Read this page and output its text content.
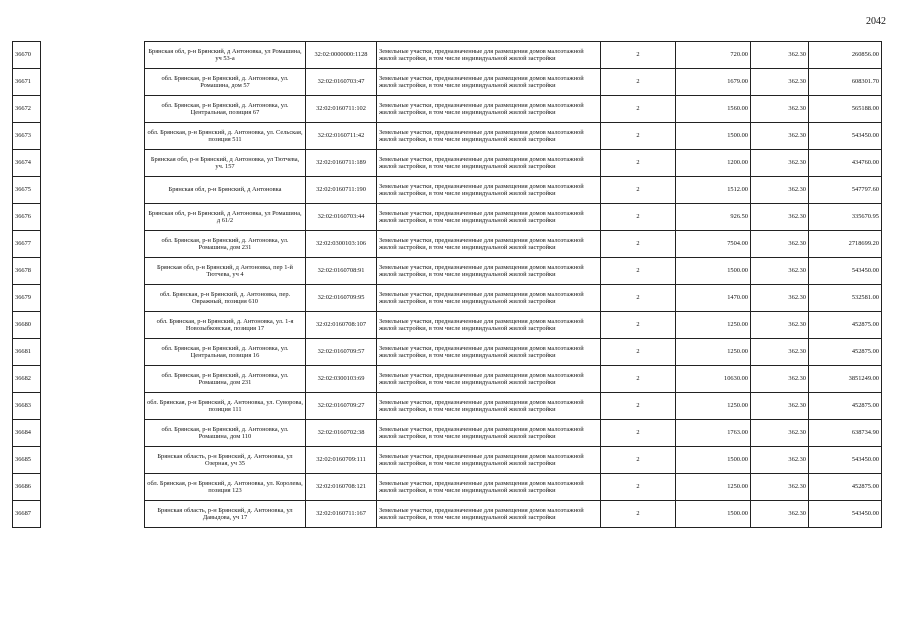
2042
36670		Брянская обл, р-н Брянский, д Антоновка, ул Ромашина, уч 53-а	32:02:0000000:1128	Земельные участки, предназначенные для размещения домов малоэтажной жилой застройки, в том числе индивидуальной жилой застройки	2	720.00	362.30	260856.00
36671		обл. Брянская, р-н Брянский, д. Антоновка, ул. Ромашина, дом 57	32:02:0160703:47	Земельные участки, предназначенные для размещения домов малоэтажной жилой застройки, в том числе индивидуальной жилой застройки	2	1679.00	362.30	608301.70
36672		обл. Брянская, р-н Брянский, д. Антоновка, ул. Центральная, позиция 67	32:02:0160711:102	Земельные участки, предназначенные для размещения домов малоэтажной жилой застройки, в том числе индивидуальной жилой застройки	2	1560.00	362.30	565188.00
36673		обл. Брянская, р-н Брянский, д. Антоновка, ул. Сельская, позиция 511	32:02:0160711:42	Земельные участки, предназначенные для размещения домов малоэтажной жилой застройки, в том числе индивидуальной жилой застройки	2	1500.00	362.30	543450.00
36674		Брянская обл, р-н Брянский, д Антоновка, ул Тютчева, уч. 157	32:02:0160711:189	Земельные участки, предназначенные для размещения домов малоэтажной жилой застройки, в том числе индивидуальной жилой застройки	2	1200.00	362.30	434760.00
36675		Брянская обл, р-н Брянский, д Антоновка	32:02:0160711:190	Земельные участки, предназначенные для размещения домов малоэтажной жилой застройки, в том числе индивидуальной жилой застройки	2	1512.00	362.30	547797.60
36676		Брянская обл, р-н Брянский, д Антоновка, ул Ромашина, д 61/2	32:02:0160703:44	Земельные участки, предназначенные для размещения домов малоэтажной жилой застройки, в том числе индивидуальной жилой застройки	2	926.50	362.30	335670.95
36677		обл. Брянская, р-н Брянский, д. Антоновка, ул. Ромашина, дом 231	32:02:0300103:106	Земельные участки, предназначенные для размещения домов малоэтажной жилой застройки, в том числе индивидуальной жилой застройки	2	7504.00	362.30	2718699.20
36678		Брянская обл, р-н Брянский, д Антоновка, пер 1-й Тютчева, уч 4	32:02:0160708:91	Земельные участки, предназначенные для размещения домов малоэтажной жилой застройки, в том числе индивидуальной жилой застройки	2	1500.00	362.30	543450.00
36679		обл. Брянская, р-н Брянский, д. Антоновка, пер. Овражный, позиция 610	32:02:0160709:95	Земельные участки, предназначенные для размещения домов малоэтажной жилой застройки, в том числе индивидуальной жилой застройки	2	1470.00	362.30	532581.00
36680		обл. Брянская, р-н Брянский, д. Антоновка, ул. 1-я Новозыбковская, позиция 17	32:02:0160708:107	Земельные участки, предназначенные для размещения домов малоэтажной жилой застройки, в том числе индивидуальной жилой застройки	2	1250.00	362.30	452875.00
36681		обл. Брянская, р-н Брянский, д. Антоновка, ул. Центральная, позиция 16	32:02:0160709:57	Земельные участки, предназначенные для размещения домов малоэтажной жилой застройки, в том числе индивидуальной жилой застройки	2	1250.00	362.30	452875.00
36682		обл. Брянская, р-н Брянский, д. Антоновка, ул. Ромашина, дом 231	32:02:0300103:69	Земельные участки, предназначенные для размещения домов малоэтажной жилой застройки, в том числе индивидуальной жилой застройки	2	10630.00	362.30	3851249.00
36683		обл. Брянская, р-н Брянский, д. Антоновка, ул. Суворова, позиция 111	32:02:0160709:27	Земельные участки, предназначенные для размещения домов малоэтажной жилой застройки, в том числе индивидуальной жилой застройки	2	1250.00	362.30	452875.00
36684		обл. Брянская, р-н Брянский, д. Антоновка, ул. Ромашина, дом 110	32:02:0160702:38	Земельные участки, предназначенные для размещения домов малоэтажной жилой застройки, в том числе индивидуальной жилой застройки	2	1763.00	362.30	638734.90
36685		Брянская область, р-н Брянский, д. Антоновка, ул Озерная, уч 35	32:02:0160709:111	Земельные участки, предназначенные для размещения домов малоэтажной жилой застройки, в том числе индивидуальной жилой застройки	2	1500.00	362.30	543450.00
36686		обл. Брянская, р-н Брянский, д. Антоновка, ул. Королева, позиция 123	32:02:0160708:121	Земельные участки, предназначенные для размещения домов малоэтажной жилой застройки, в том числе индивидуальной жилой застройки	2	1250.00	362.30	452875.00
36687		Брянская область, р-н Брянский, д. Антоновка, ул Давыдова, уч 17	32:02:0160711:167	Земельные участки, предназначенные для размещения домов малоэтажной жилой застройки, в том числе индивидуальной жилой застройки	2	1500.00	362.30	543450.00
